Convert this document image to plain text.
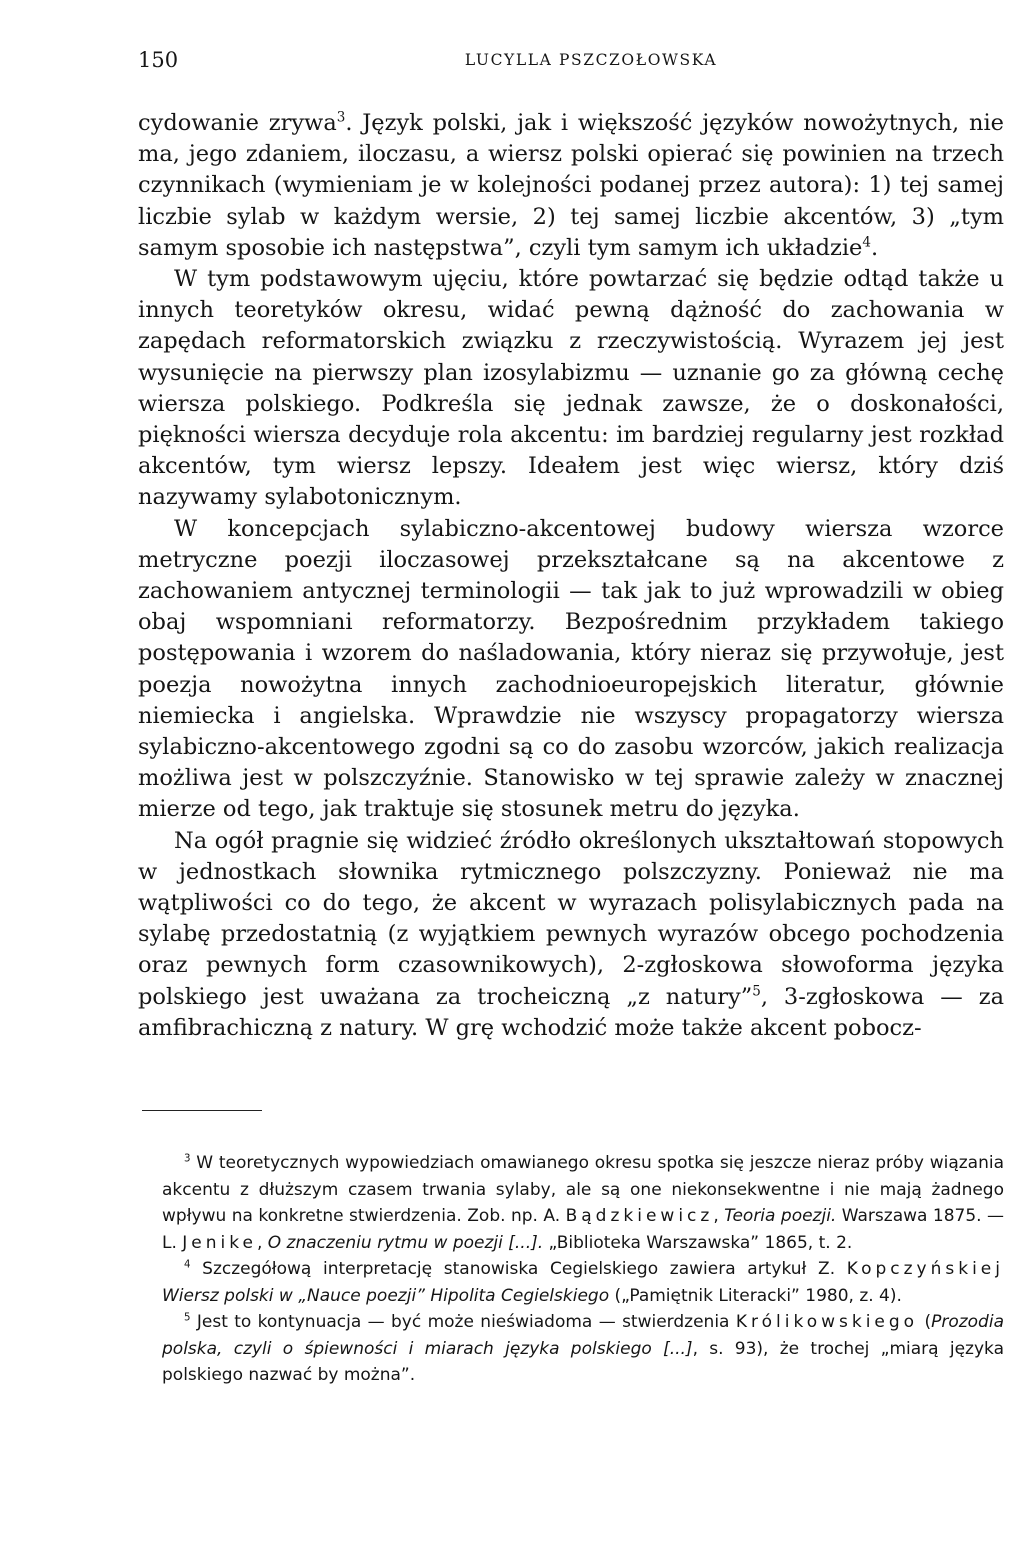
150	LUCYLLA PSZCZOŁOWSKA

cydowanie zrywa$^3$. Język polski, jak i większość języków nowożytnych, nie ma, jego zdaniem, iloczasu, a wiersz polski opierać się powinien na trzech czynnikach (wymieniam je w kolejności podanej przez autora): 1) tej samej liczbie sylab w każdym wersie, 2) tej samej liczbie akcentów, 3) „tym samym sposobie ich następstwa”, czyli tym samym ich układzie$^4$.

W tym podstawowym ujęciu, które powtarzać się będzie odtąd także u innych teoretyków okresu, widać pewną dążność do zachowania w zapędach reformatorskich związku z rzeczywistością. Wyrazem jej jest wysunięcie na pierwszy plan izosylabizmu — uznanie go za główną cechę wiersza polskiego. Podkreśla się jednak zawsze, że o doskonałości, piękności wiersza decyduje rola akcentu: im bardziej regularny jest rozkład akcentów, tym wiersz lepszy. Ideałem jest więc wiersz, który dziś nazywamy sylabotonicznym.

W koncepcjach sylabiczno-akcentowej budowy wiersza wzorce metryczne poezji iloczasowej przekształcane są na akcentowe z zachowaniem antycznej terminologii — tak jak to już wprowadzili w obieg obaj wspomniani reformatorzy. Bezpośrednim przykładem takiego postępowania i wzorem do naśladowania, który nieraz się przywołuje, jest poezja nowożytna innych zachodnioeuropejskich literatur, głównie niemiecka i angielska. Wprawdzie nie wszyscy propagatorzy wiersza sylabiczno-akcentowego zgodni są co do zasobu wzorców, jakich realizacja możliwa jest w polszczyźnie. Stanowisko w tej sprawie zależy w znacznej mierze od tego, jak traktuje się stosunek metru do języka.

Na ogół pragnie się widzieć źródło określonych ukształtowań stopowych w jednostkach słownika rytmicznego polszczyzny. Ponieważ nie ma wątpliwości co do tego, że akcent w wyrazach polisylabicznych pada na sylabę przedostatnią (z wyjątkiem pewnych wyrazów obcego pochodzenia oraz pewnych form czasownikowych), 2-zgłoskowa słowoforma języka polskiego jest uważana za trocheiczną „z natury”$^5$, 3-zgłoskowa — za amfibrachiczną z natury. W grę wchodzić może także akcent pobocz-

$^3$ W teoretycznych wypowiedziach omawianego okresu spotka się jeszcze nieraz próby wiązania akcentu z dłuższym czasem trwania sylaby, ale są one niekonsekwentne i nie mają żadnego wpływu na konkretne stwierdzenia. Zob. np. A. Bądzkiewicz, Teoria poezji. Warszawa 1875. — L. Jenike, O znaczeniu rytmu w poezji [...]. „Biblioteka Warszawska” 1865, t. 2.

$^4$ Szczegółową interpretację stanowiska Cegielskiego zawiera artykuł Z. Kopczyńskiej Wiersz polski w „Nauce poezji” Hipolita Cegielskiego („Pamiętnik Literacki” 1980, z. 4).

$^5$ Jest to kontynuacja — być może nieświadoma — stwierdzenia Królikowskiego (Prozodia polska, czyli o śpiewności i miarach języka polskiego [...], s. 93), że trochej „miarą języka polskiego nazwać by można”.
